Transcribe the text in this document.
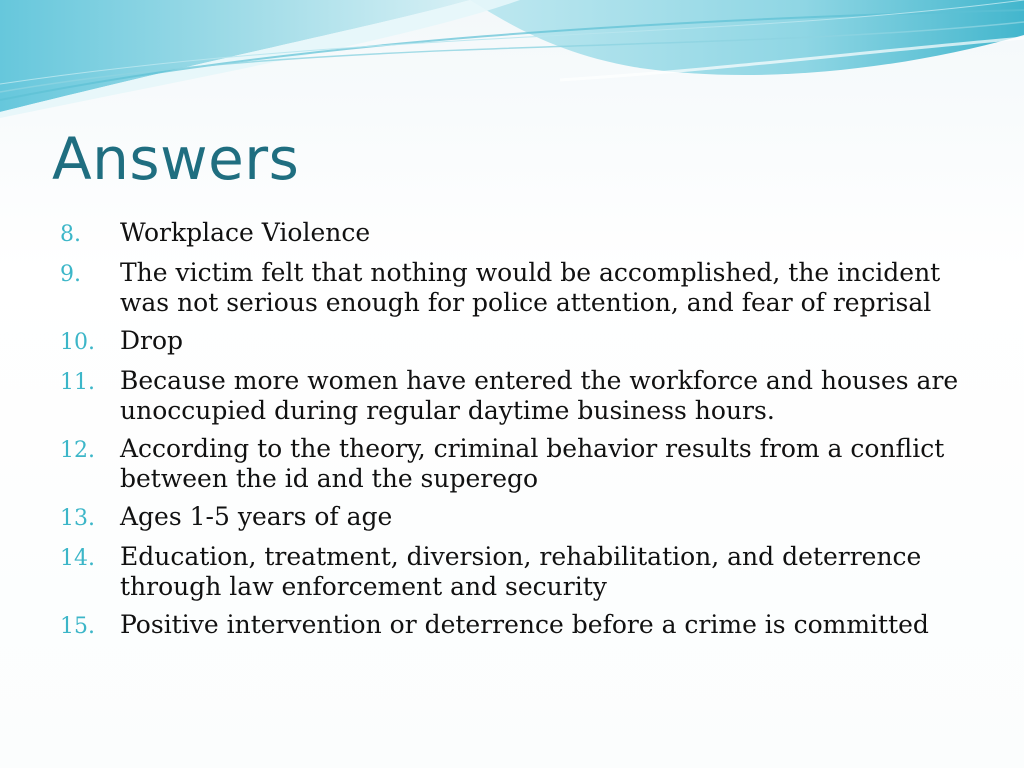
Answers
8.	Workplace Violence
9.	The victim felt that nothing would be accomplished, the incident was not serious enough for police attention, and fear of reprisal
10.	Drop
11.	Because more women have entered the workforce and houses are unoccupied during regular daytime business hours.
12.	According to the theory, criminal behavior results from a conflict between the id and the superego
13.	Ages 1-5 years of age
14.	Education, treatment, diversion, rehabilitation, and deterrence through law enforcement and security
15.	Positive intervention or deterrence before a crime is committed
